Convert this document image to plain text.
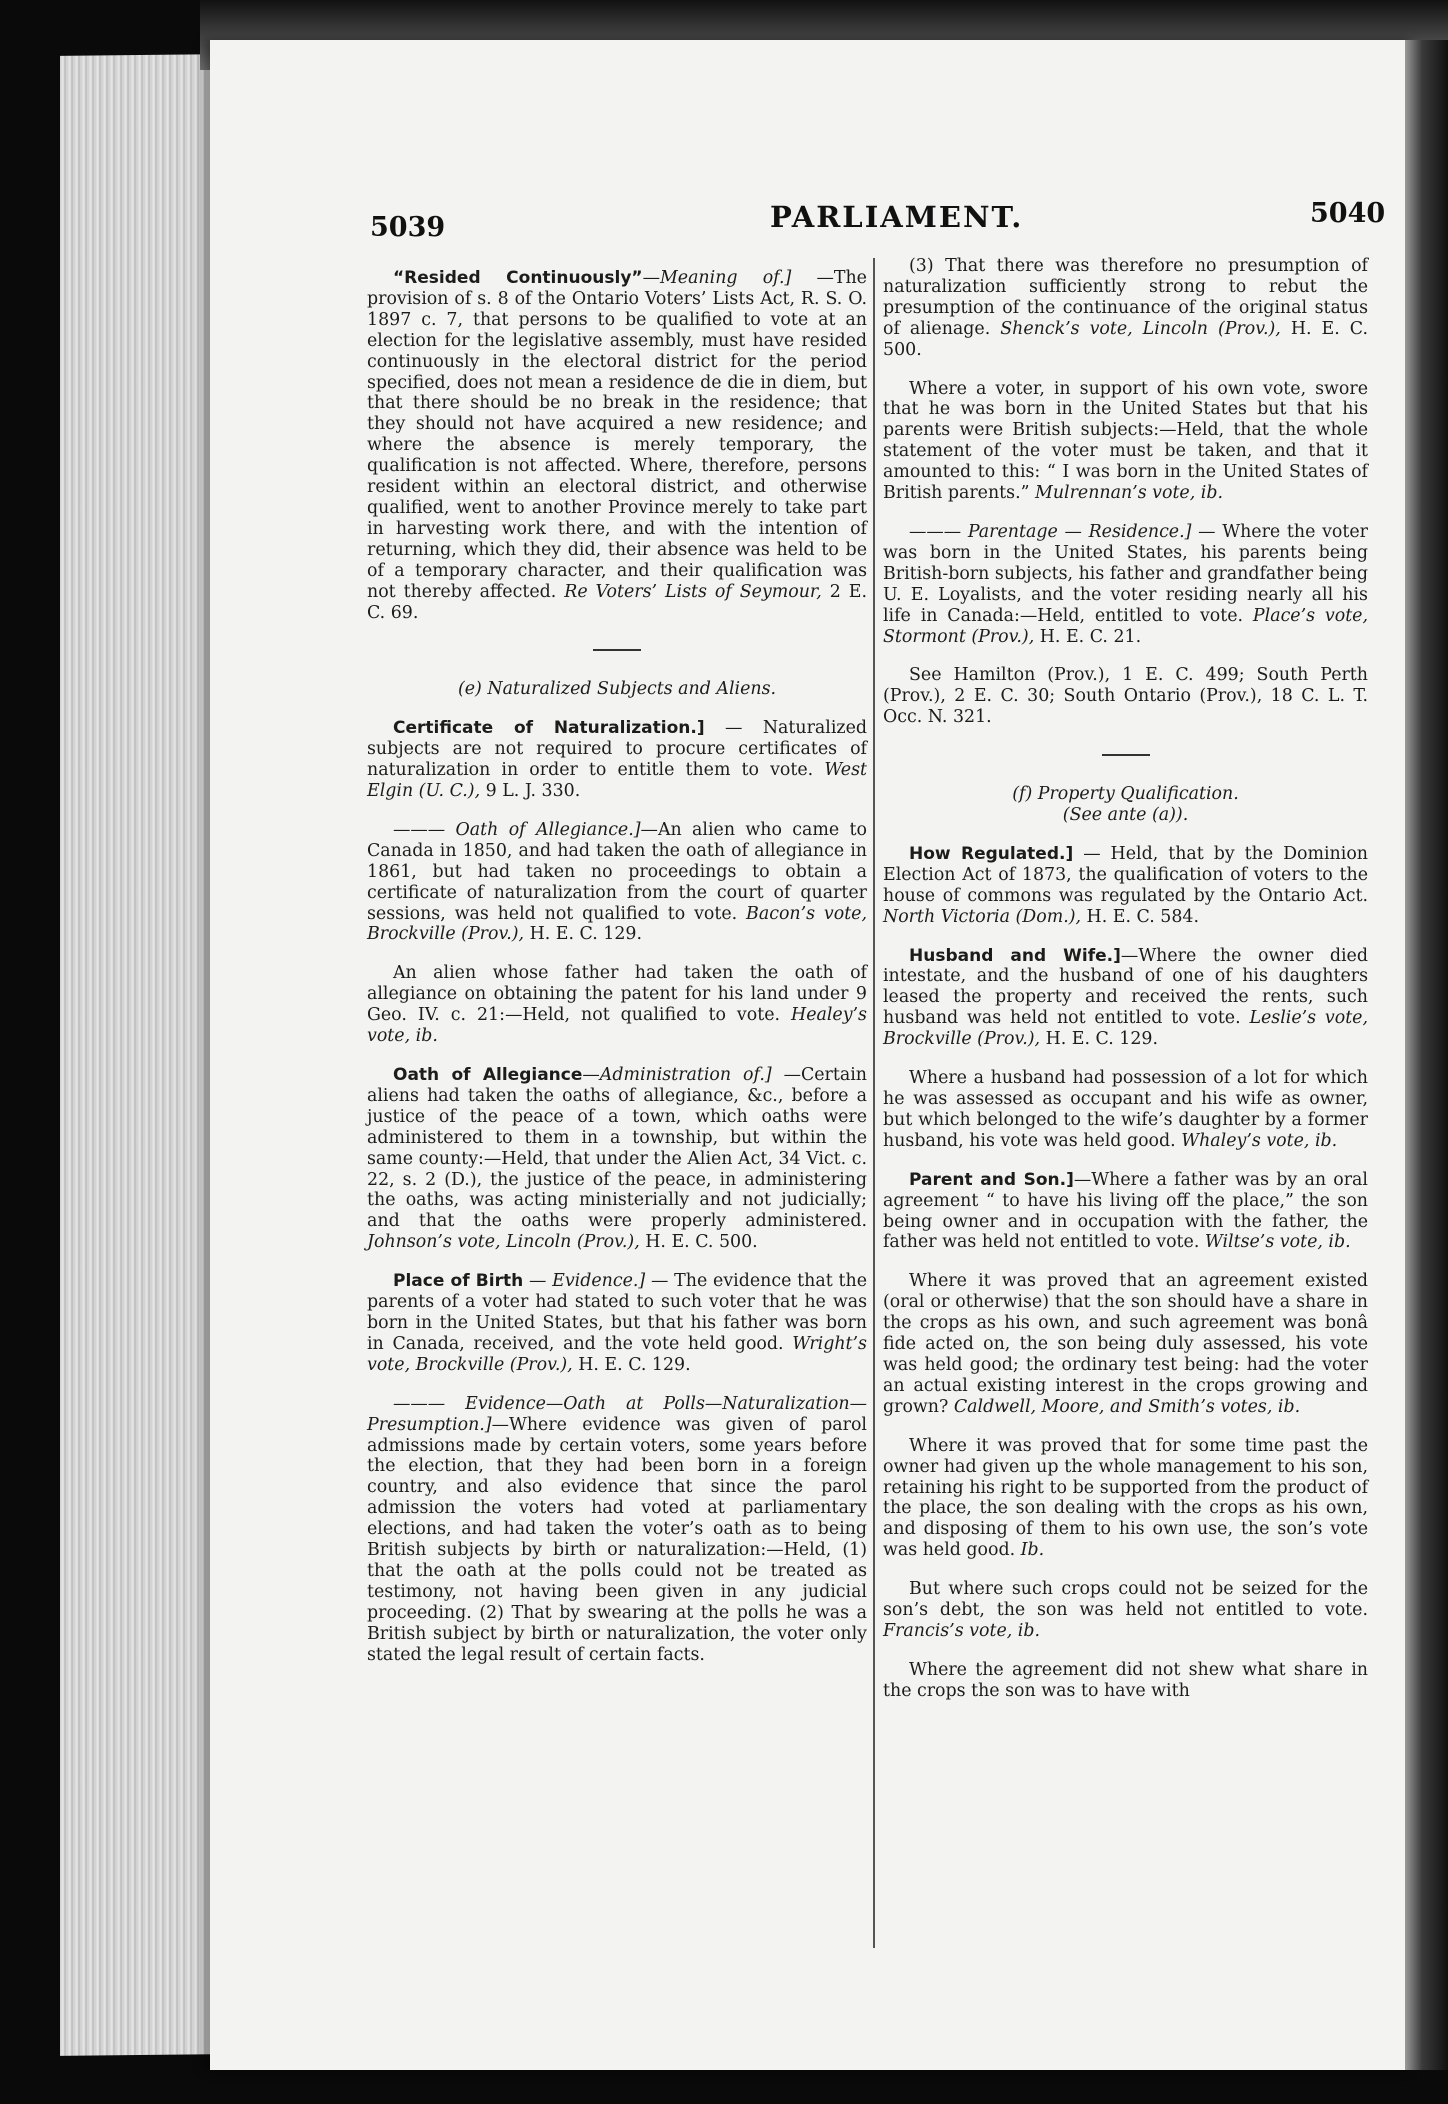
5039	PARLIAMENT.	5040

“Resided Continuously”—Meaning of.] —The provision of s. 8 of the Ontario Voters’ Lists Act, R. S. O. 1897 c. 7, that persons to be qualified to vote at an election for the legislative assembly, must have resided continuously in the electoral district for the period specified, does not mean a residence de die in diem, but that there should be no break in the residence; that they should not have acquired a new residence; and where the absence is merely temporary, the qualification is not affected. Where, therefore, persons resident within an electoral district, and otherwise qualified, went to another Province merely to take part in harvesting work there, and with the intention of returning, which they did, their absence was held to be of a temporary character, and their qualification was not thereby affected. Re Voters’ Lists of Seymour, 2 E. C. 69.

(e) Naturalized Subjects and Aliens.

Certificate of Naturalization.] — Naturalized subjects are not required to procure certificates of naturalization in order to entitle them to vote. West Elgin (U. C.), 9 L. J. 330.

——— Oath of Allegiance.]—An alien who came to Canada in 1850, and had taken the oath of allegiance in 1861, but had taken no proceedings to obtain a certificate of naturalization from the court of quarter sessions, was held not qualified to vote. Bacon’s vote, Brockville (Prov.), H. E. C. 129.

An alien whose father had taken the oath of allegiance on obtaining the patent for his land under 9 Geo. IV. c. 21:—Held, not qualified to vote. Healey’s vote, ib.

Oath of Allegiance—Administration of.] —Certain aliens had taken the oaths of allegiance, &c., before a justice of the peace of a town, which oaths were administered to them in a township, but within the same county:—Held, that under the Alien Act, 34 Vict. c. 22, s. 2 (D.), the justice of the peace, in administering the oaths, was acting ministerially and not judicially; and that the oaths were properly administered. Johnson’s vote, Lincoln (Prov.), H. E. C. 500.

Place of Birth — Evidence.] — The evidence that the parents of a voter had stated to such voter that he was born in the United States, but that his father was born in Canada, received, and the vote held good. Wright’s vote, Brockville (Prov.), H. E. C. 129.

——— Evidence—Oath at Polls—Naturalization—Presumption.]—Where evidence was given of parol admissions made by certain voters, some years before the election, that they had been born in a foreign country, and also evidence that since the parol admission the voters had voted at parliamentary elections, and had taken the voter’s oath as to being British subjects by birth or naturalization:—Held, (1) that the oath at the polls could not be treated as testimony, not having been given in any judicial proceeding. (2) That by swearing at the polls he was a British subject by birth or naturalization, the voter only stated the legal result of certain facts.

(3) That there was therefore no presumption of naturalization sufficiently strong to rebut the presumption of the continuance of the original status of alienage. Shenck’s vote, Lincoln (Prov.), H. E. C. 500.

Where a voter, in support of his own vote, swore that he was born in the United States but that his parents were British subjects:—Held, that the whole statement of the voter must be taken, and that it amounted to this: “ I was born in the United States of British parents.” Mulrennan’s vote, ib.

——— Parentage — Residence.] — Where the voter was born in the United States, his parents being British-born subjects, his father and grandfather being U. E. Loyalists, and the voter residing nearly all his life in Canada:—Held, entitled to vote. Place’s vote, Stormont (Prov.), H. E. C. 21.

See Hamilton (Prov.), 1 E. C. 499; South Perth (Prov.), 2 E. C. 30; South Ontario (Prov.), 18 C. L. T. Occ. N. 321.

(f) Property Qualification.

(See ante (a)).

How Regulated.] — Held, that by the Dominion Election Act of 1873, the qualification of voters to the house of commons was regulated by the Ontario Act. North Victoria (Dom.), H. E. C. 584.

Husband and Wife.]—Where the owner died intestate, and the husband of one of his daughters leased the property and received the rents, such husband was held not entitled to vote. Leslie’s vote, Brockville (Prov.), H. E. C. 129.

Where a husband had possession of a lot for which he was assessed as occupant and his wife as owner, but which belonged to the wife’s daughter by a former husband, his vote was held good. Whaley’s vote, ib.

Parent and Son.]—Where a father was by an oral agreement “ to have his living off the place,” the son being owner and in occupation with the father, the father was held not entitled to vote. Wiltse’s vote, ib.

Where it was proved that an agreement existed (oral or otherwise) that the son should have a share in the crops as his own, and such agreement was bonâ fide acted on, the son being duly assessed, his vote was held good; the ordinary test being: had the voter an actual existing interest in the crops growing and grown? Caldwell, Moore, and Smith’s votes, ib.

Where it was proved that for some time past the owner had given up the whole management to his son, retaining his right to be supported from the product of the place, the son dealing with the crops as his own, and disposing of them to his own use, the son’s vote was held good. Ib.

But where such crops could not be seized for the son’s debt, the son was held not entitled to vote. Francis’s vote, ib.

Where the agreement did not shew what share in the crops the son was to have with
